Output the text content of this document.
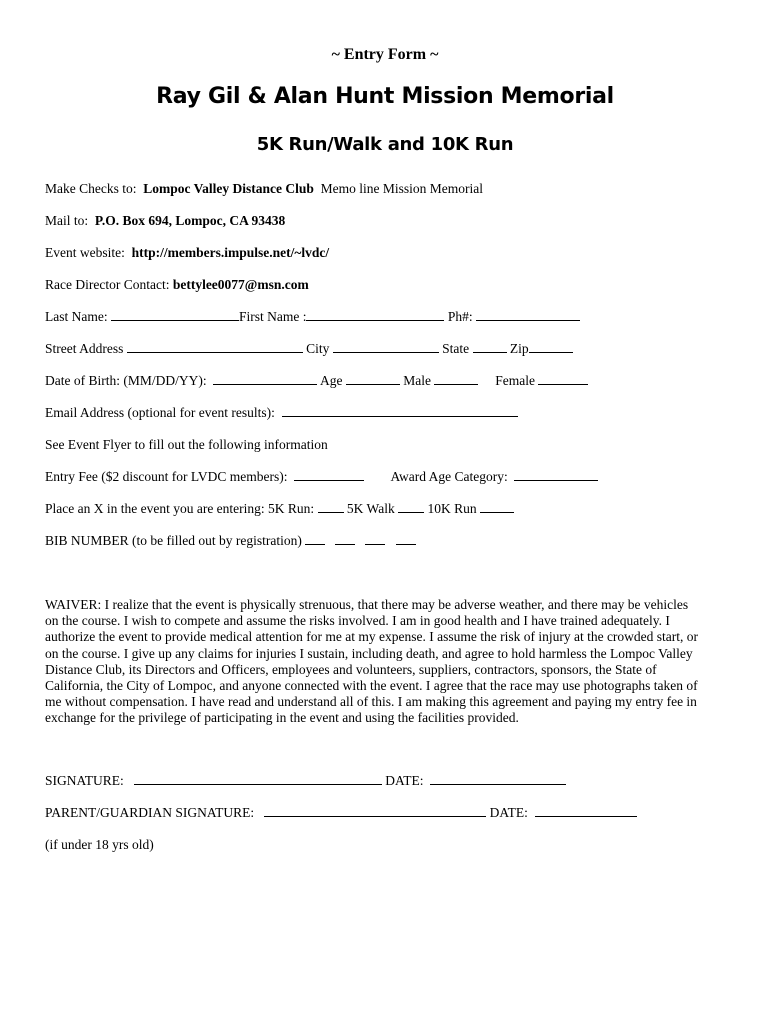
~ Entry Form ~
Ray Gil & Alan Hunt Mission Memorial
5K Run/Walk and 10K Run
Make Checks to: Lompoc Valley Distance Club Memo line Mission Memorial
Mail to: P.O. Box 694, Lompoc, CA 93438
Event website: http://members.impulse.net/~lvdc/
Race Director Contact: bettylee0077@msn.com
Last Name:	First Name :	Ph#:
Street Address	City	State	Zip
Date of Birth: (MM/DD/YY):	Age	Male	Female
Email Address (optional for event results):
See Event Flyer to fill out the following information
Entry Fee ($2 discount for LVDC members):	Award Age Category:
Place an X in the event you are entering: 5K Run: 5K Walk 10K Run
BIB NUMBER (to be filled out by registration)
WAIVER: I realize that the event is physically strenuous, that there may be adverse weather, and there may be vehicles
on the course. I wish to compete and assume the risks involved. I am in good health and I have trained adequately. I
authorize the event to provide medical attention for me at my expense. I assume the risk of injury at the crowded start, or
on the course. I give up any claims for injuries I sustain, including death, and agree to hold harmless the Lompoc Valley
Distance Club, its Directors and Officers, employees and volunteers, suppliers, contractors, sponsors, the State of
California, the City of Lompoc, and anyone connected with the event. I agree that the race may use photographs taken of
me without compensation. I have read and understand all of this. I am making this agreement and paying my entry fee in
exchange for the privilege of participating in the event and using the facilities provided.
SIGNATURE:	DATE:
PARENT/GUARDIAN SIGNATURE:	DATE:
(if under 18 yrs old)
